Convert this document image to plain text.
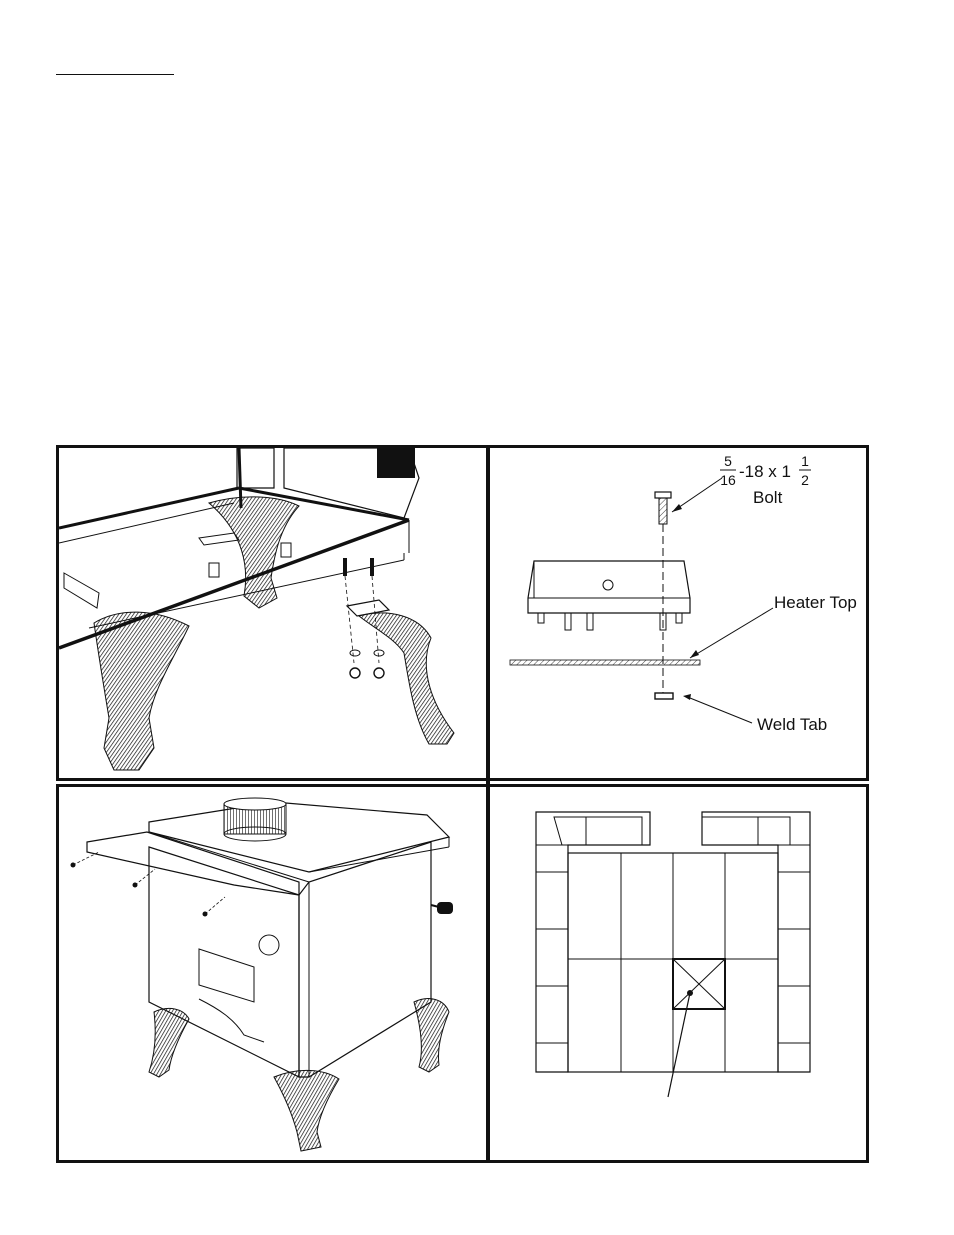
5
16 -18 x 1
1
2
Bolt
Heater Top
Weld Tab
